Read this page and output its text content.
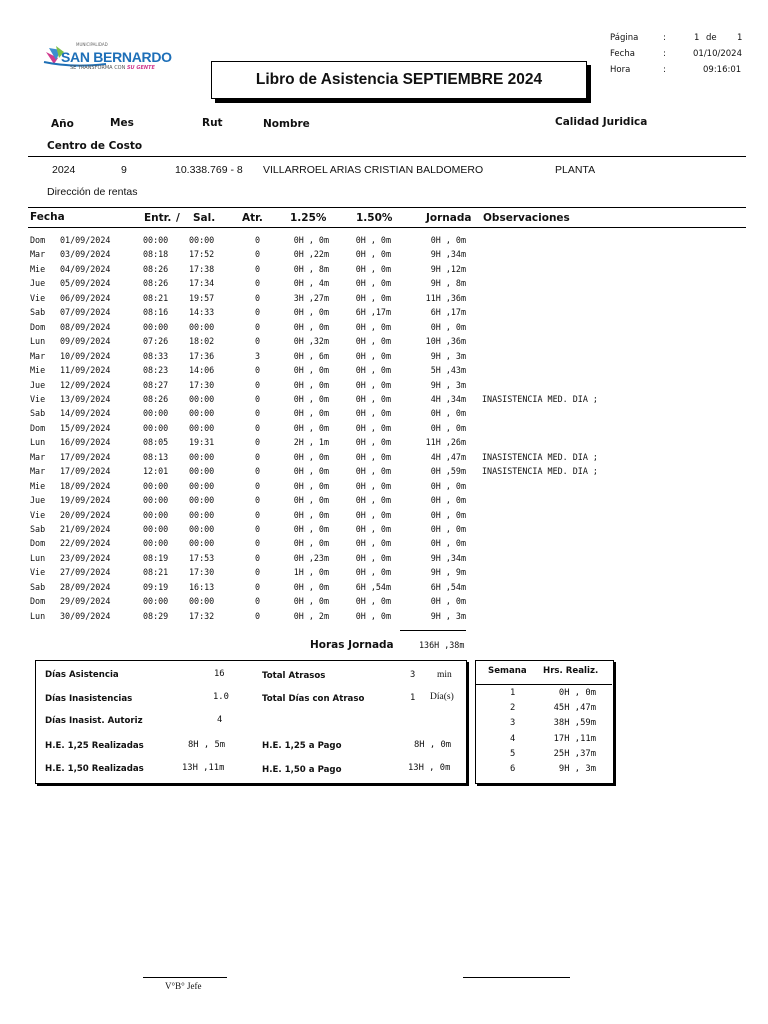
MUNICIPALIDAD
SAN BERNARDO
SE TRANSFORMA CON SU GENTE
Libro de Asistencia SEPTIEMBRE 2024
Página	:	1 de 1
Fecha	:	01/10/2024
Hora	:	09:16:01
Año	Mes	Rut	Nombre	Calidad Juridica
Centro de Costo
2024	9	10.338.769 - 8 VILLARROEL ARIAS CRISTIAN BALDOMERO	PLANTA
Dirección de rentas
Fecha	Entr. / Sal.	Atr.	1.25%	1.50%	Jornada Observaciones
Dom 01/09/2024	00:00 00:00	0	0H , 0m	0H , 0m	0H , 0m
Mar 03/09/2024	08:18 17:52	0	0H ,22m	0H , 0m	9H ,34m
Mie 04/09/2024	08:26 17:38	0	0H , 8m	0H , 0m	9H ,12m
Jue 05/09/2024	08:26 17:34	0	0H , 4m	0H , 0m	9H , 8m
Vie 06/09/2024	08:21 19:57	0	3H ,27m	0H , 0m	11H ,36m
Sab 07/09/2024	08:16 14:33	0	0H , 0m	6H ,17m	6H ,17m
Dom 08/09/2024	00:00 00:00	0	0H , 0m	0H , 0m	0H , 0m
Lun 09/09/2024	07:26 18:02	0	0H ,32m	0H , 0m	10H ,36m
Mar 10/09/2024	08:33 17:36	3	0H , 6m	0H , 0m	9H , 3m
Mie 11/09/2024	08:23 14:06	0	0H , 0m	0H , 0m	5H ,43m
Jue 12/09/2024	08:27 17:30	0	0H , 0m	0H , 0m	9H , 3m
Vie 13/09/2024	08:26 00:00	0	0H , 0m	0H , 0m	4H ,34m INASISTENCIA MED. DIA ;
Sab 14/09/2024	00:00 00:00	0	0H , 0m	0H , 0m	0H , 0m
Dom 15/09/2024	00:00 00:00	0	0H , 0m	0H , 0m	0H , 0m
Lun 16/09/2024	08:05 19:31	0	2H , 1m	0H , 0m	11H ,26m
Mar 17/09/2024	08:13 00:00	0	0H , 0m	0H , 0m	4H ,47m INASISTENCIA MED. DIA ;
Mar 17/09/2024	12:01 00:00	0	0H , 0m	0H , 0m	0H ,59m INASISTENCIA MED. DIA ;
Mie 18/09/2024	00:00 00:00	0	0H , 0m	0H , 0m	0H , 0m
Jue 19/09/2024	00:00 00:00	0	0H , 0m	0H , 0m	0H , 0m
Vie 20/09/2024	00:00 00:00	0	0H , 0m	0H , 0m	0H , 0m
Sab 21/09/2024	00:00 00:00	0	0H , 0m	0H , 0m	0H , 0m
Dom 22/09/2024	00:00 00:00	0	0H , 0m	0H , 0m	0H , 0m
Lun 23/09/2024	08:19 17:53	0	0H ,23m	0H , 0m	9H ,34m
Vie 27/09/2024	08:21 17:30	0	1H , 0m	0H , 0m	9H , 9m
Sab 28/09/2024	09:19 16:13	0	0H , 0m	6H ,54m	6H ,54m
Dom 29/09/2024	00:00 00:00	0	0H , 0m	0H , 0m	0H , 0m
Lun 30/09/2024	08:29 17:32	0	0H , 2m	0H , 0m	9H , 3m
Horas Jornada	136H ,38m
Días Asistencia	16
Días Inasistencias	1.0
Días Inasist. Autoriz	4
H.E. 1,25 Realizadas	8H , 5m
H.E. 1,50 Realizadas	13H ,11m
Total Atrasos	3 min
Total Días con Atraso	1 Día(s)
H.E. 1,25 a Pago	8H , 0m
H.E. 1,50 a Pago	13H , 0m
Semana Hrs. Realiz.
1	0H , 0m
2	45H ,47m
3	38H ,59m
4	17H ,11m
5	25H ,37m
6	9H , 3m
V°B° Jefe
